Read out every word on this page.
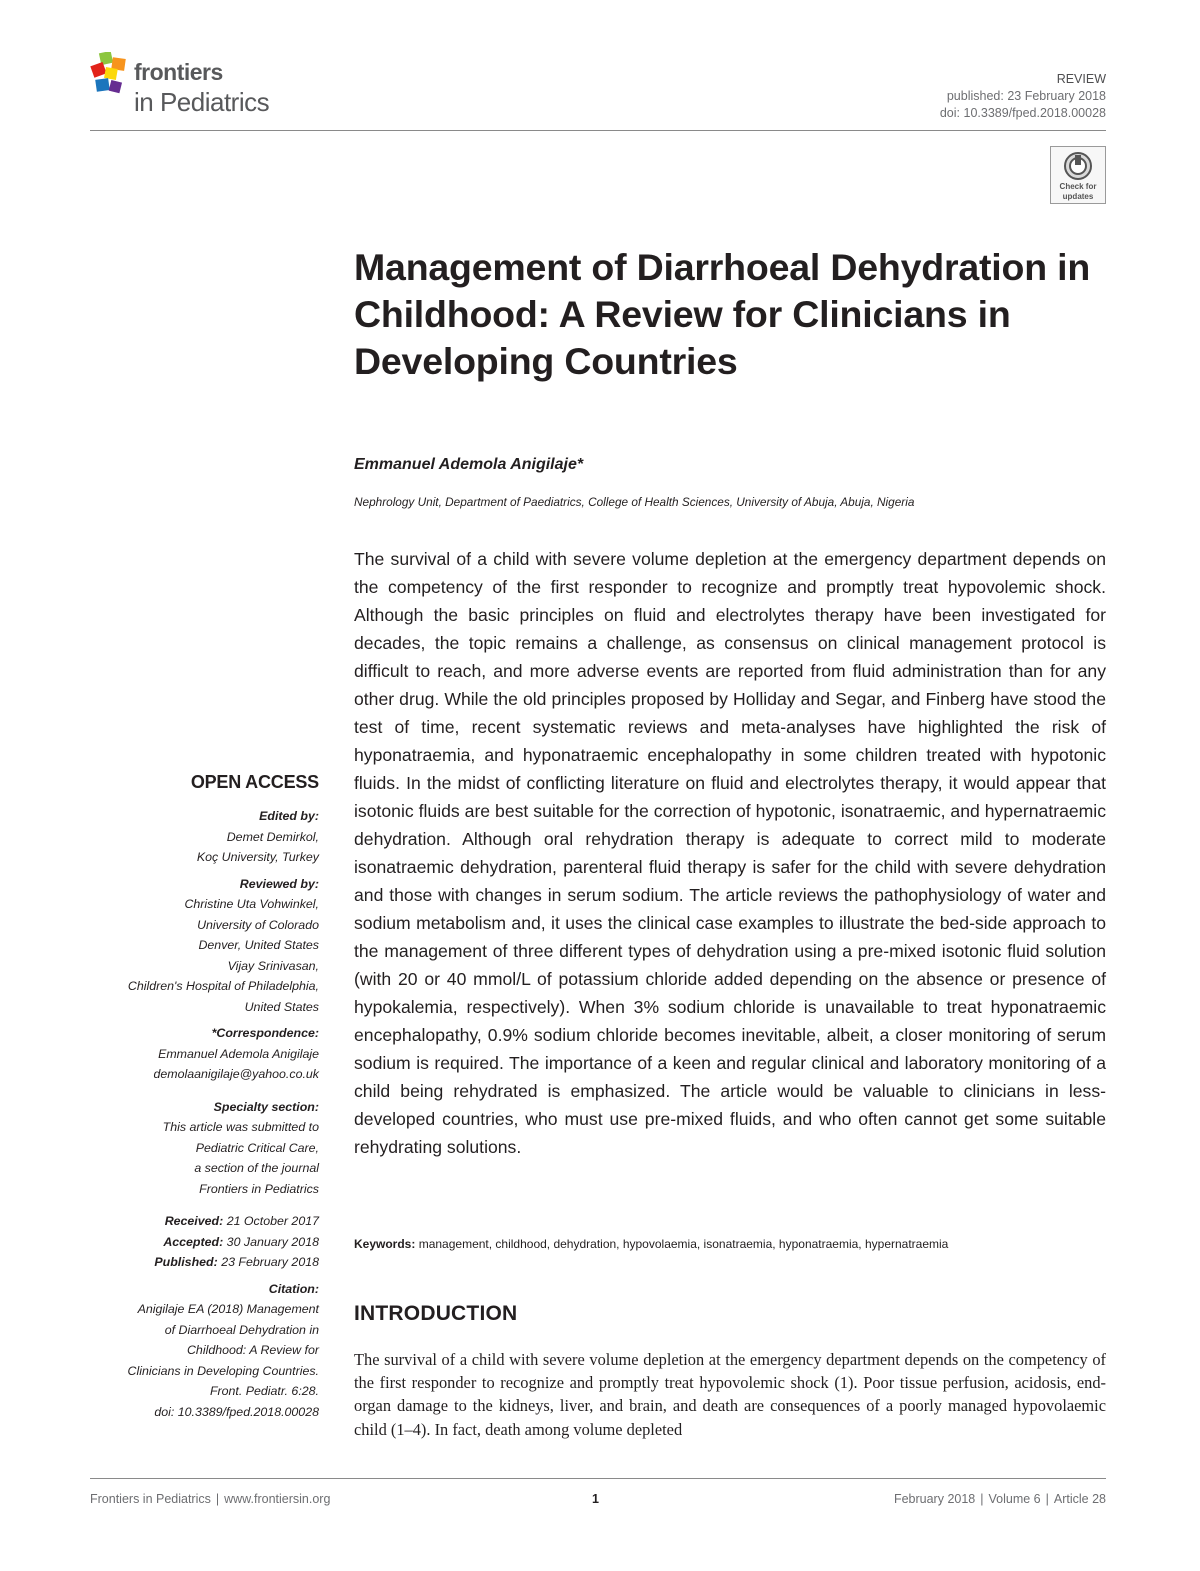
frontiers
in Pediatrics
REVIEW
published: 23 February 2018
doi: 10.3389/fped.2018.00028
Check for
updates
Management of Diarrhoeal Dehydration in Childhood: A Review for Clinicians in Developing Countries
Emmanuel Ademola Anigilaje*
Nephrology Unit, Department of Paediatrics, College of Health Sciences, University of Abuja, Abuja, Nigeria

The survival of a child with severe volume depletion at the emergency department depends on the competency of the first responder to recognize and promptly treat hypovolemic shock. Although the basic principles on fluid and electrolytes therapy have been investigated for decades, the topic remains a challenge, as consensus on clinical management protocol is difficult to reach, and more adverse events are reported from fluid administration than for any other drug. While the old principles proposed by Holliday and Segar, and Finberg have stood the test of time, recent systematic reviews and meta-analyses have highlighted the risk of hyponatraemia, and hyponatraemic encephalopathy in some children treated with hypotonic fluids. In the midst of conflicting literature on fluid and electrolytes therapy, it would appear that isotonic fluids are best suitable for the correction of hypotonic, isonatraemic, and hypernatraemic dehydration. Although oral rehydration therapy is adequate to correct mild to moderate isonatraemic dehydration, parenteral fluid therapy is safer for the child with severe dehydration and those with changes in serum sodium. The article reviews the pathophysiology of water and sodium metabolism and, it uses the clinical case examples to illustrate the bed-side approach to the management of three different types of dehydration using a pre-mixed isotonic fluid solution (with 20 or 40 mmol/L of potassium chloride added depending on the absence or presence of hypokalemia, respectively). When 3% sodium chloride is unavailable to treat hyponatraemic encephalopathy, 0.9% sodium chloride becomes inevitable, albeit, a closer monitoring of serum sodium is required. The importance of a keen and regular clinical and laboratory monitoring of a child being rehydrated is emphasized. The article would be valuable to clinicians in less-developed countries, who must use pre-mixed fluids, and who often cannot get some suitable rehydrating solutions.

Keywords: management, childhood, dehydration, hypovolaemia, isonatraemia, hyponatraemia, hypernatraemia
INTRODUCTION

The survival of a child with severe volume depletion at the emergency department depends on the competency of the first responder to recognize and promptly treat hypovolemic shock (1). Poor tissue perfusion, acidosis, end-organ damage to the kidneys, liver, and brain, and death are consequences of a poorly managed hypovolaemic child (1–4). In fact, death among volume depleted

OPEN ACCESS
Edited by:
Demet Demirkol,
Koç University, Turkey
Reviewed by:
Christine Uta Vohwinkel,
University of Colorado
Denver, United States
Vijay Srinivasan,
Children's Hospital of Philadelphia,
United States
*Correspondence:
Emmanuel Ademola Anigilaje
demolaanigilaje@yahoo.co.uk
Specialty section:
This article was submitted to
Pediatric Critical Care,
a section of the journal
Frontiers in Pediatrics
Received: 21 October 2017
Accepted: 30 January 2018
Published: 23 February 2018
Citation:
Anigilaje EA (2018) Management
of Diarrhoeal Dehydration in
Childhood: A Review for
Clinicians in Developing Countries.
Front. Pediatr. 6:28.
doi: 10.3389/fped.2018.00028
Frontiers in Pediatrics | www.frontiersin.org	1	February 2018 | Volume 6 | Article 28
